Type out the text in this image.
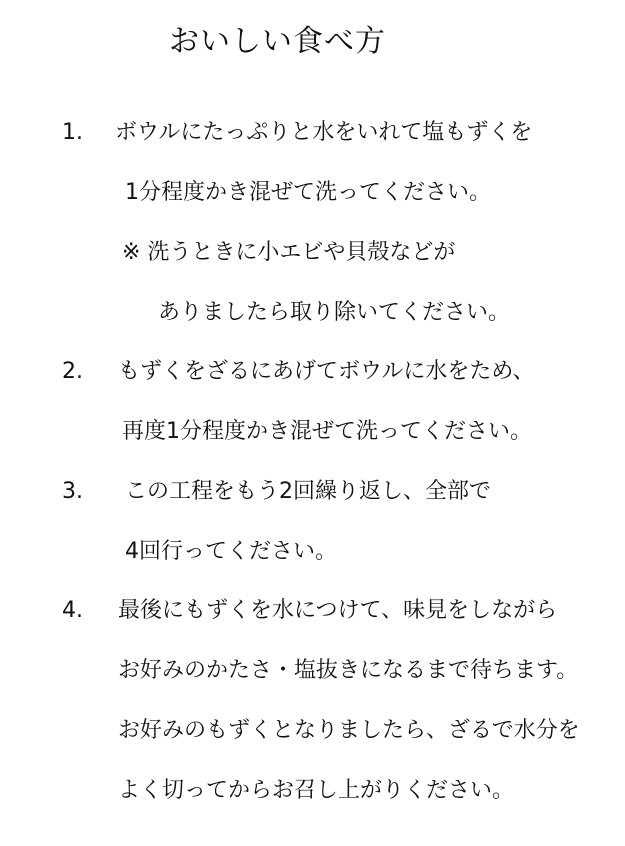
おいしい食べ方
1. ボウルにたっぷりと水をいれて塩もずくを
1分程度かき混ぜて洗ってください。
※ 洗うときに小エビや貝殻などが
ありましたら取り除いてください。
2. もずくをざるにあげてボウルに水をため、
再度1分程度かき混ぜて洗ってください。
3. この工程をもう2回繰り返し、全部で
4回行ってください。
4. 最後にもずくを水につけて、味見をしながら
お好みのかたさ・塩抜きになるまで待ちます。
お好みのもずくとなりましたら、ざるで水分を
よく切ってからお召し上がりください。
